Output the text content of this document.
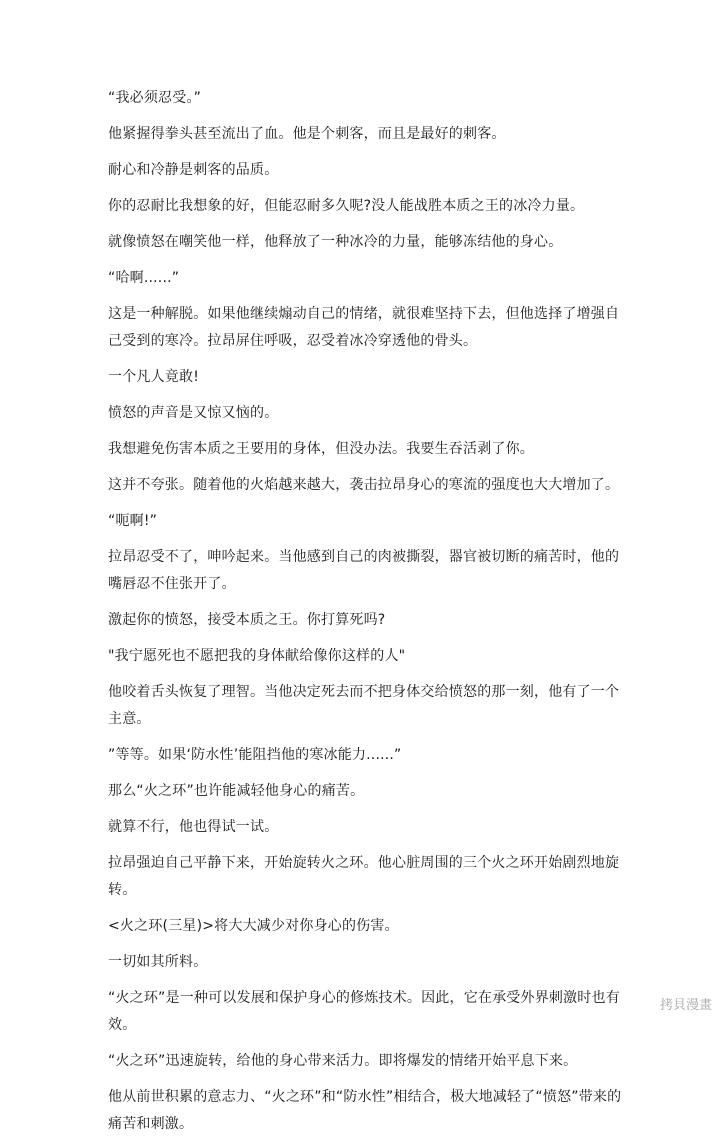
“我必须忍受。”

他紧握得拳头甚至流出了血。他是个刺客，而且是最好的刺客。

耐心和冷静是刺客的品质。

你的忍耐比我想象的好，但能忍耐多久呢?没人能战胜本质之王的冰冷力量。

就像愤怒在嘲笑他一样，他释放了一种冰冷的力量，能够冻结他的身心。

“哈啊......”

这是一种解脱。如果他继续煽动自己的情绪，就很难坚持下去，但他选择了增强自己受到的寒冷。拉昂屏住呼吸，忍受着冰冷穿透他的骨头。

一个凡人竟敢!

愤怒的声音是又惊又恼的。

我想避免伤害本质之王要用的身体，但没办法。我要生吞活剥了你。

这并不夸张。随着他的火焰越来越大，袭击拉昂身心的寒流的强度也大大增加了。

“呃啊!”

拉昂忍受不了，呻吟起来。当他感到自己的肉被撕裂，器官被切断的痛苦时，他的嘴唇忍不住张开了。

激起你的愤怒，接受本质之王。你打算死吗?

"我宁愿死也不愿把我的身体献给像你这样的人"

他咬着舌头恢复了理智。当他决定死去而不把身体交给愤怒的那一刻，他有了一个主意。

”等等。如果‘防水性’能阻挡他的寒冰能力......”

那么“火之环”也许能减轻他身心的痛苦。

就算不行，他也得试一试。

拉昂强迫自己平静下来，开始旋转火之环。他心脏周围的三个火之环开始剧烈地旋转。

<火之环(三星)>将大大减少对你身心的伤害。

一切如其所料。

“火之环”是一种可以发展和保护身心的修炼技术。因此，它在承受外界刺激时也有效。

“火之环”迅速旋转，给他的身心带来活力。即将爆发的情绪开始平息下来。

他从前世积累的意志力、“火之环”和“防水性”相结合，极大地减轻了“愤怒”带来的痛苦和刺激。

拷貝漫畫
